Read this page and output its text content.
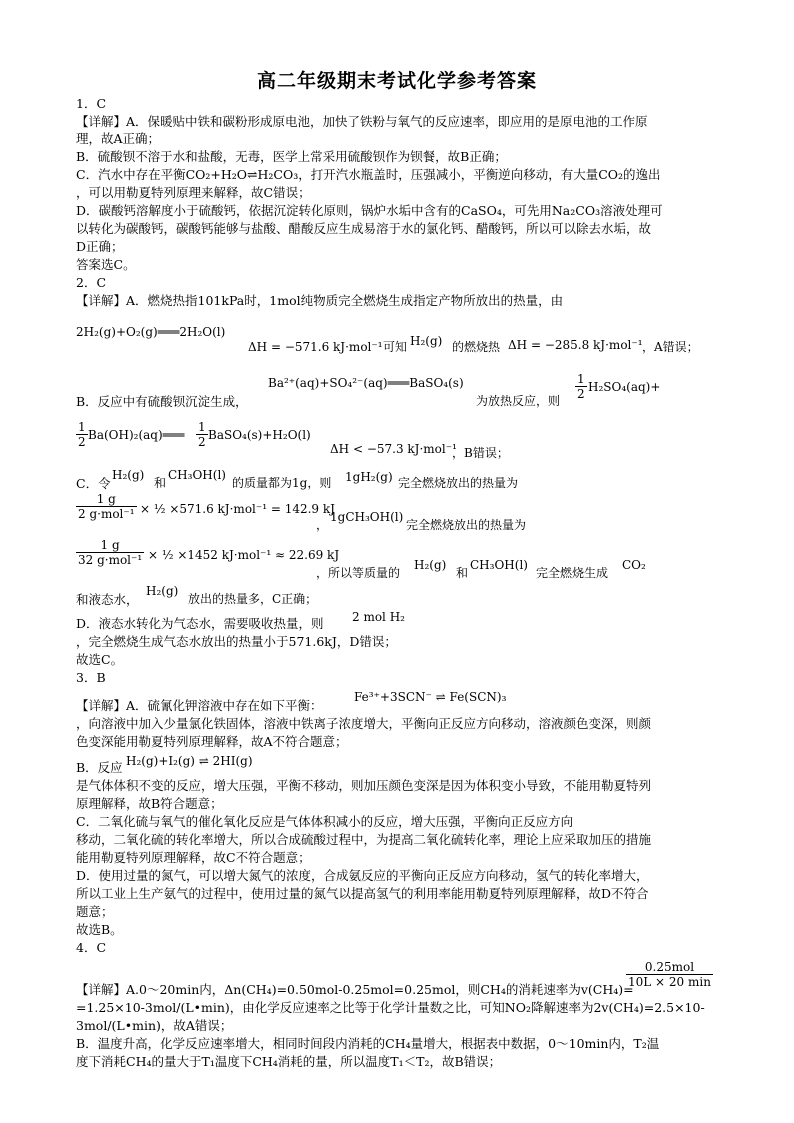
高二年级期末考试化学参考答案
1．C
【详解】A．保暖贴中铁和碳粉形成原电池，加快了铁粉与氧气的反应速率，即应用的是原电池的工作原
理，故A正确；
B．硫酸钡不溶于水和盐酸，无毒，医学上常采用硫酸钡作为钡餐，故B正确；
C．汽水中存在平衡CO₂+H₂O⇌H₂CO₃，打开汽水瓶盖时，压强减小，平衡逆向移动，有大量CO₂的逸出
，可以用勒夏特列原理来解释，故C错误；
D．碳酸钙溶解度小于硫酸钙，依据沉淀转化原则，锅炉水垢中含有的CaSO₄，可先用Na₂CO₃溶液处理可
以转化为碳酸钙，碳酸钙能够与盐酸、醋酸反应生成易溶于水的氯化钙、醋酸钙，所以可以除去水垢，故
D正确；
答案选C。
2．C
【详解】A．燃烧热指101kPa时，1mol纯物质完全燃烧生成指定产物所放出的热量，由
2H₂(g)+O₂(g)═══2H₂O(l)
ΔH = −571.6 kJ·mol⁻¹ 可知 H₂(g) 的燃烧热 ΔH = −285.8 kJ·mol⁻¹ ，A错误；
Ba²⁺(aq)+SO₄²⁻(aq)═══BaSO₄(s)
B．反应中有硫酸钡沉淀生成，	为放热反应，则 $\frac{1}{2} H_2SO_4(aq)+$
$\frac{1}{2}$ Ba(OH)₂(aq)═══ $\frac{1}{2}$ BaSO₄(s)+H₂O(l)
ΔH < −57.3 kJ·mol⁻¹
，B错误；
C．令
H₂(g)
和
CH₃OH(l)
的质量都为1g，则 1gH₂(g) 完全燃烧放出的热量为
1 g
2 g·mol⁻¹ × ½ ×571.6 kJ·mol⁻¹ = 142.9 kJ
，
1gCH₃OH(l)
完全燃烧放出的热量为
1 g
32 g·mol⁻¹ × ½ ×1452 kJ·mol⁻¹ ≈ 22.69 kJ
，所以等质量的
H₂(g)
和
CH₃OH(l)
完全燃烧生成
CO₂
和液态水，
H₂(g)
放出的热量多，C正确；
D．液态水转化为气态水，需要吸收热量，则 2 mol H₂
，完全燃烧生成气态水放出的热量小于571.6kJ，D错误；
故选C。
3．B
【详解】A．硫氰化钾溶液中存在如下平衡：
Fe³⁺+3SCN⁻ ⇌ Fe(SCN)₃
，向溶液中加入少量氯化铁固体，溶液中铁离子浓度增大，平衡向正反应方向移动，溶液颜色变深，则颜
色变深能用勒夏特列原理解释，故A不符合题意；
B．反应 H₂(g)+I₂(g) ⇌ 2HI(g)
是气体体积不变的反应，增大压强，平衡不移动，则加压颜色变深是因为体积变小导致，不能用勒夏特列
原理解释，故B符合题意；
C．二氧化硫与氧气的催化氧化反应是气体体积减小的反应，增大压强，平衡向正反应方向
移动，二氧化硫的转化率增大，所以合成硫酸过程中，为提高二氧化硫转化率，理论上应采取加压的措施
能用勒夏特列原理解释，故C不符合题意；
D．使用过量的氮气，可以增大氮气的浓度，合成氨反应的平衡向正反应方向移动，氢气的转化率增大，
所以工业上生产氨气的过程中，使用过量的氮气以提高氢气的利用率能用勒夏特列原理解释，故D不符合
题意；
故选B。
4．C
0.25mol
10L × 20 min
【详解】A.0～20min内，Δn(CH₄)=0.50mol-0.25mol=0.25mol，则CH₄的消耗速率为v(CH₄)=
=1.25×10-3mol/(L•min)，由化学反应速率之比等于化学计量数之比，可知NO₂降解速率为2v(CH₄)=2.5×10-
3mol/(L•min)，故A错误；
B．温度升高，化学反应速率增大，相同时间段内消耗的CH₄量增大，根据表中数据，0～10min内，T₂温
度下消耗CH₄的量大于T₁温度下CH₄消耗的量，所以温度T₁＜T₂，故B错误；
